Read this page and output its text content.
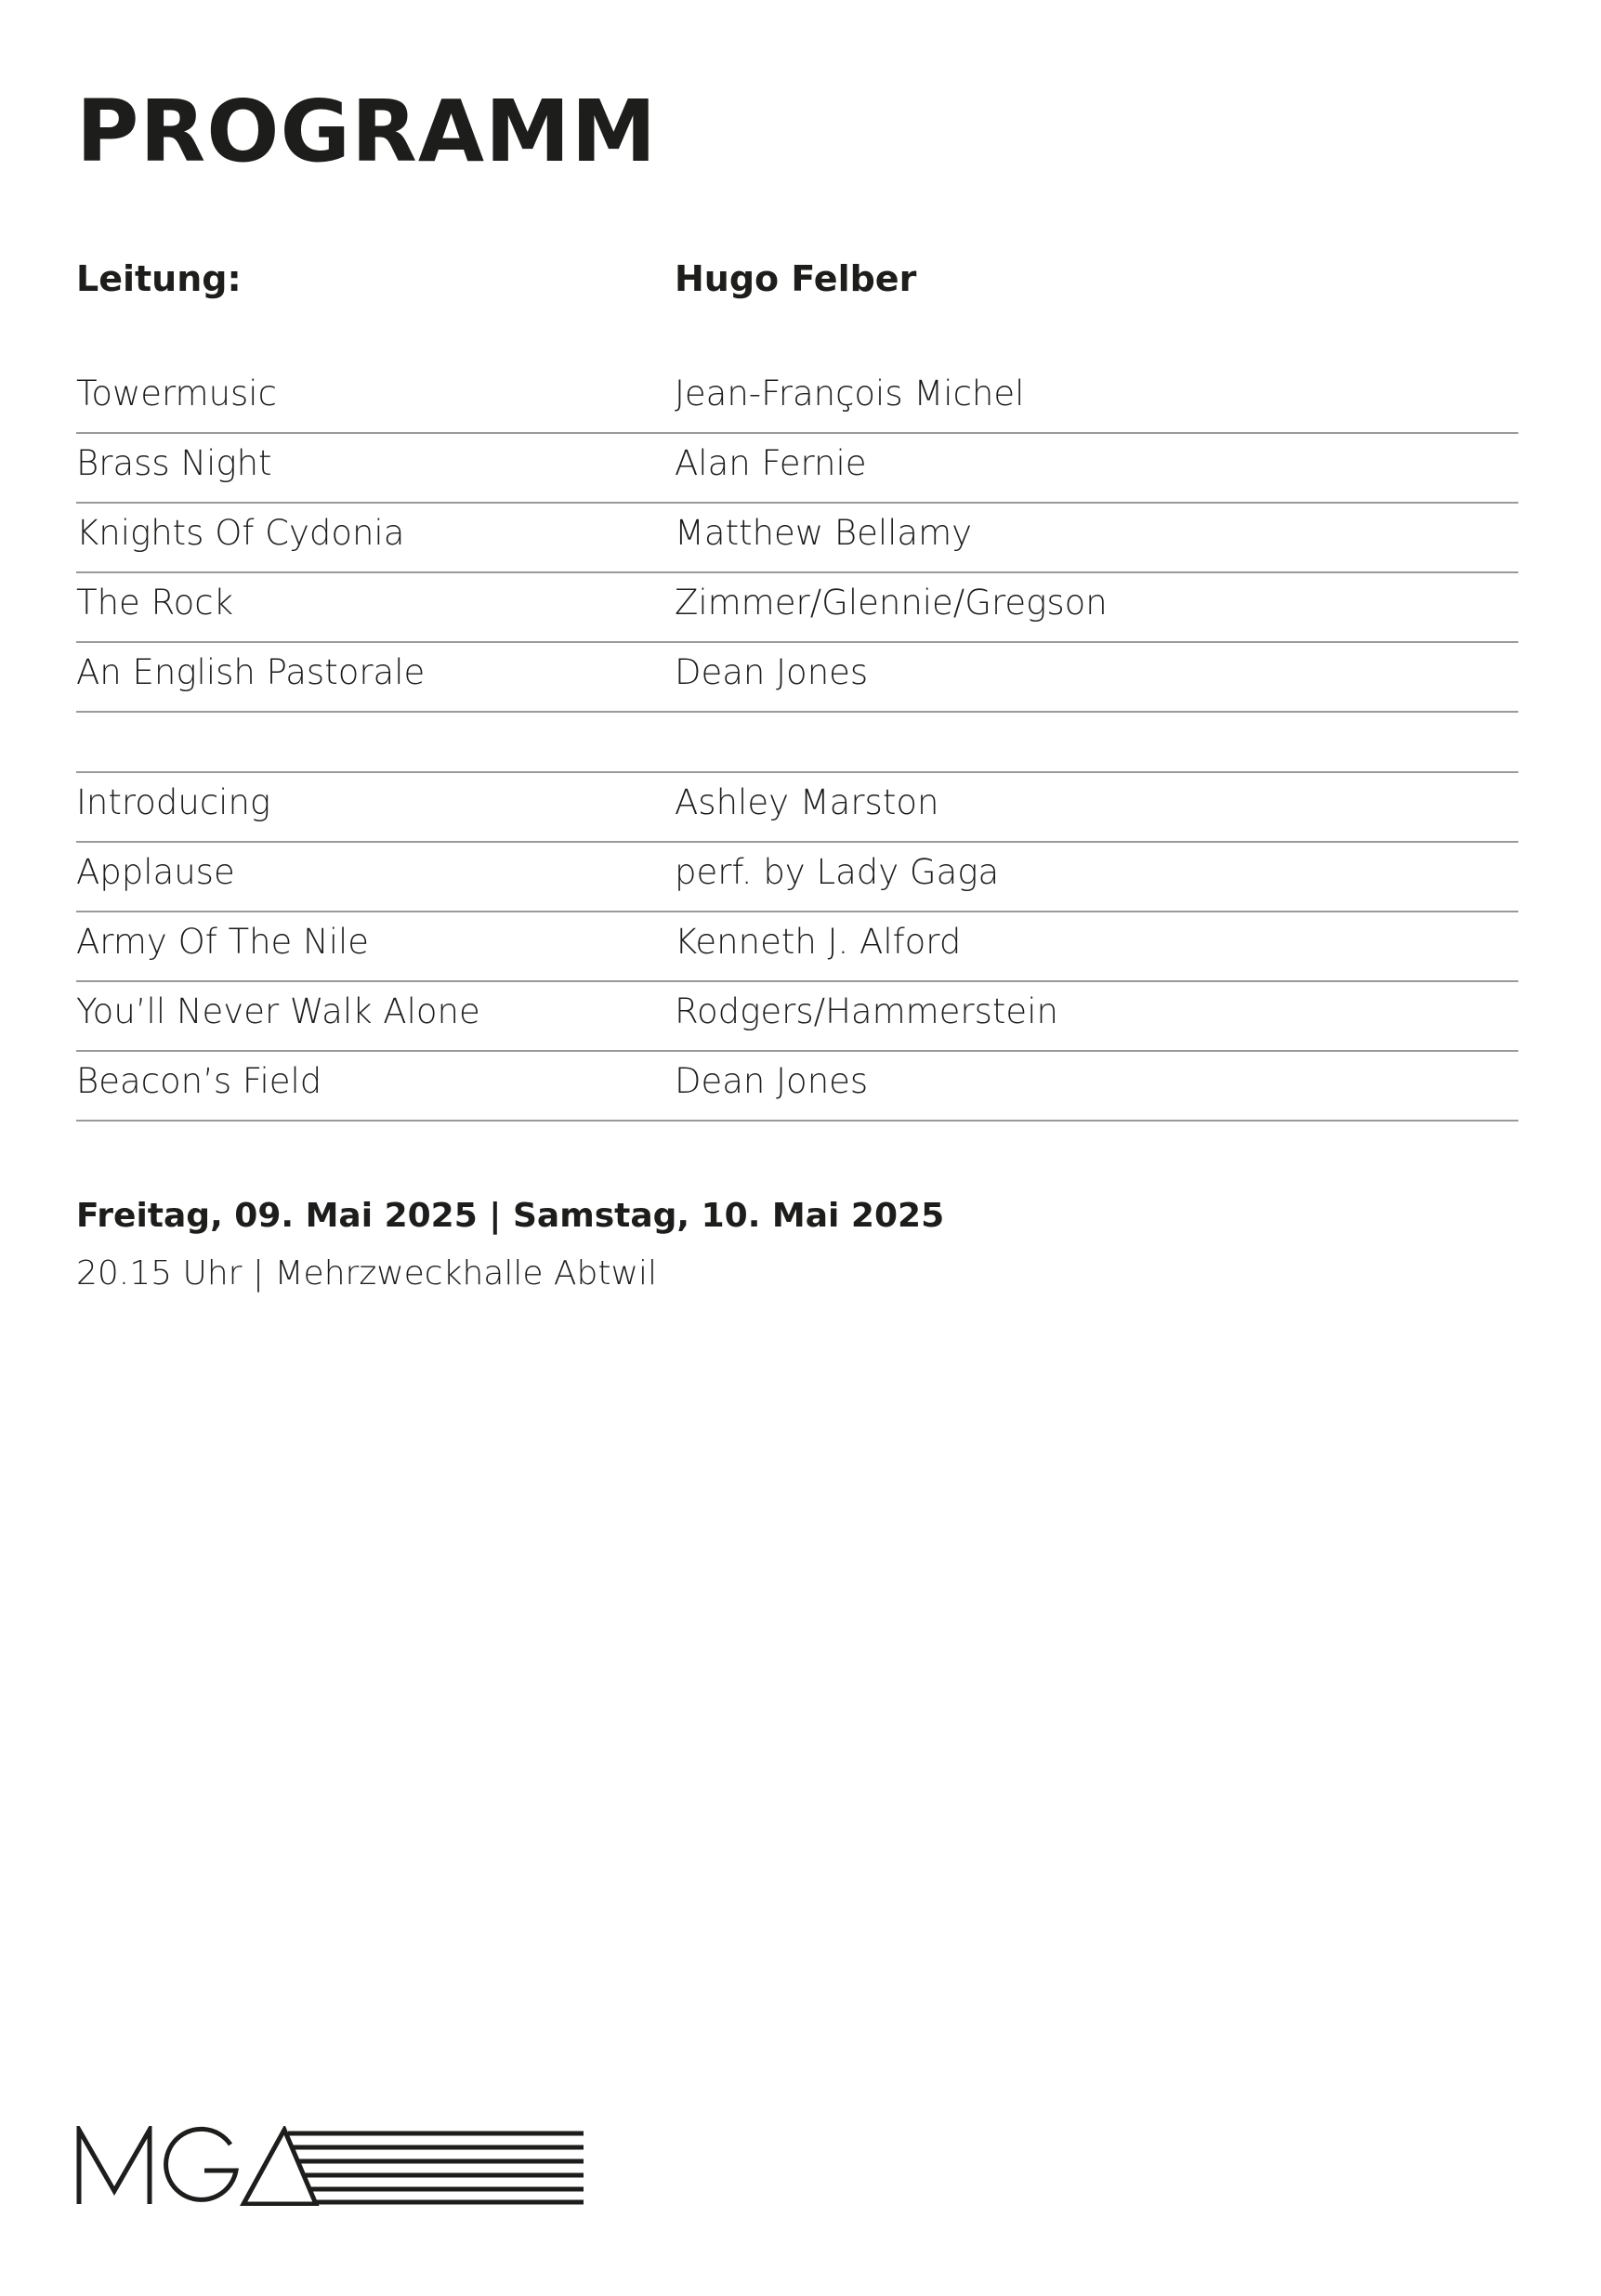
PROGRAMM
Leitung:	Hugo Felber
Towermusic	Jean-François Michel
Brass Night	Alan Fernie
Knights Of Cydonia	Matthew Bellamy
The Rock	Zimmer/Glennie/Gregson
An English Pastorale	Dean Jones
Introducing	Ashley Marston
Applause	perf. by Lady Gaga
Army Of The Nile	Kenneth J. Alford
You’ll Never Walk Alone	Rodgers/Hammerstein
Beacon’s Field	Dean Jones

Freitag, 09. Mai 2025 | Samstag, 10. Mai 2025

20.15 Uhr | Mehrzweckhalle Abtwil
